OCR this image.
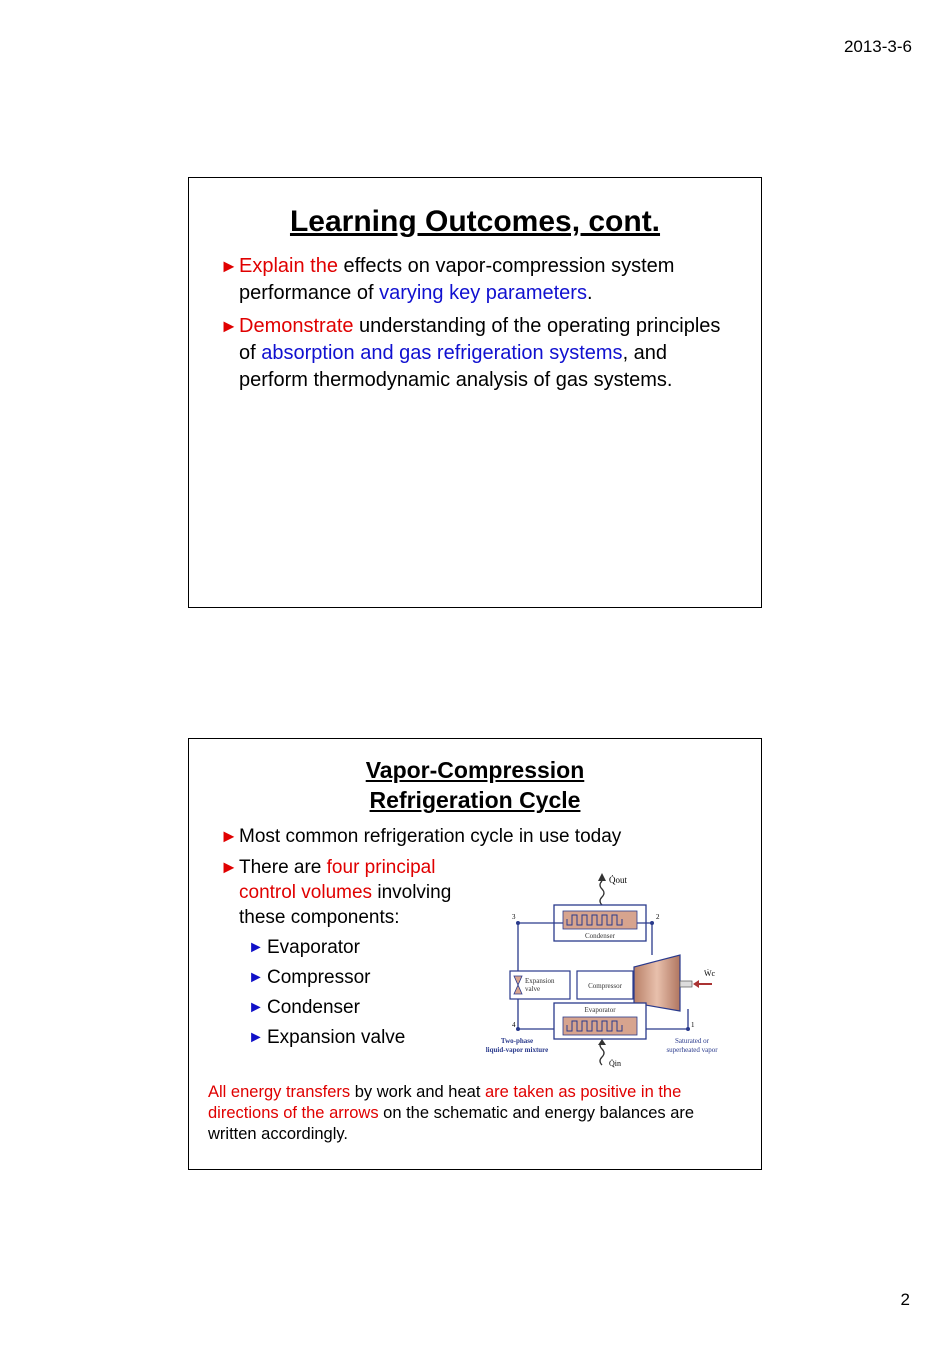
2013-3-6
Learning Outcomes, cont.
► Explain the effects on vapor-compression system performance of varying key parameters.
► Demonstrate understanding of the operating principles of absorption and gas refrigeration systems, and perform thermodynamic analysis of gas systems.
Vapor-Compression
Refrigeration Cycle
► Most common refrigeration cycle in use today
► There are four principal control volumes involving these components:
► Evaporator
► Compressor
► Condenser
► Expansion valve
Q̇out
Condenser
3	2
4	1
Expansion
valve	Compressor
Ẇc
Evaporator
Q̇in
Two-phase
liquid-vapor mixture
Saturated or
superheated vapor
All energy transfers by work and heat are taken as positive in the directions of the arrows on the schematic and energy balances are written accordingly.
2
